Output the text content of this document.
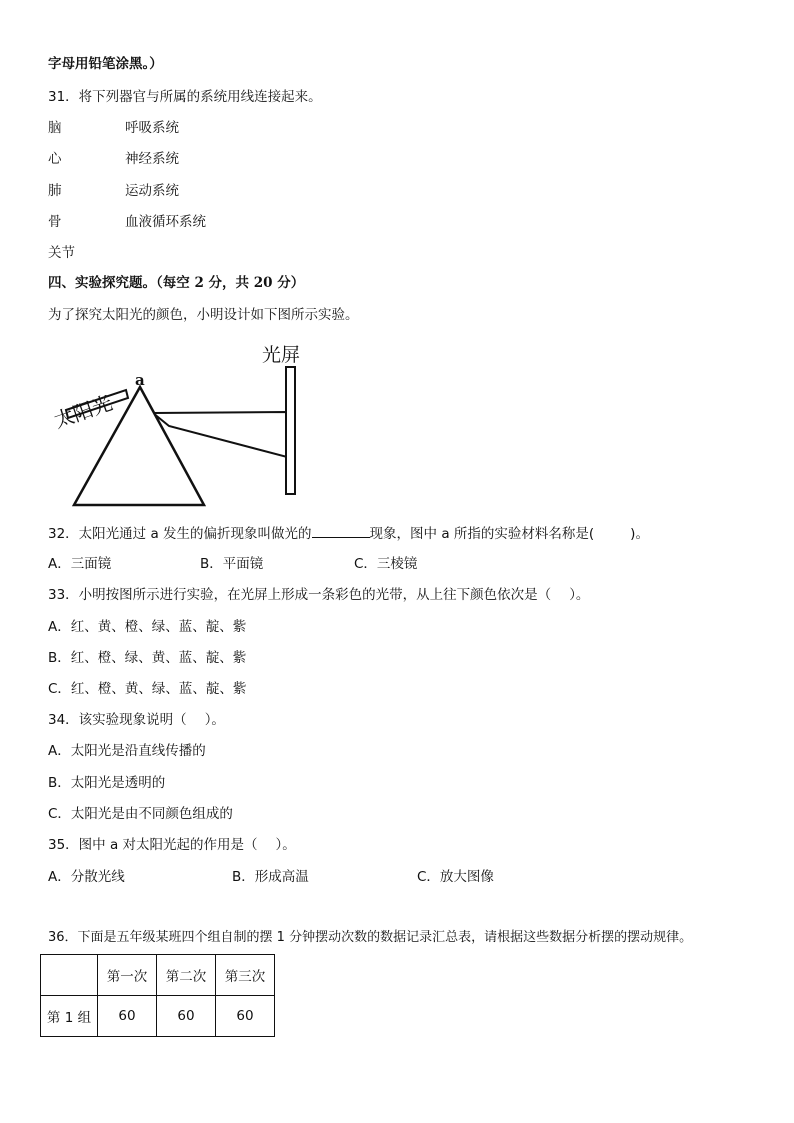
字母用铅笔涂黑。）
31．将下列器官与所属的系统用线连接起来。
脑	呼吸系统
心	神经系统
肺	运动系统
骨	血液循环系统
关节
四、实验探究题。（每空 2 分，共 20 分）
为了探究太阳光的颜色，小明设计如下图所示实验。
光屏
a
太阳光
32．太阳光通过 a 发生的偏折现象叫做光的	现象，图中 a 所指的实验材料名称是(	)。
A．三面镜	B．平面镜	C．三棱镜
33．小明按图所示进行实验，在光屏上形成一条彩色的光带，从上往下颜色依次是（ ）。
A．红、黄、橙、绿、蓝、靛、紫
B．红、橙、绿、黄、蓝、靛、紫
C．红、橙、黄、绿、蓝、靛、紫
34．该实验现象说明（ ）。
A．太阳光是沿直线传播的
B．太阳光是透明的
C．太阳光是由不同颜色组成的
35．图中 a 对太阳光起的作用是（ ）。
A．分散光线	B．形成高温	C．放大图像
36．下面是五年级某班四个组自制的摆 1 分钟摆动次数的数据记录汇总表，请根据这些数据分析摆的摆动规律。
	第一次	第二次	第三次
第 1 组	60	60	60
